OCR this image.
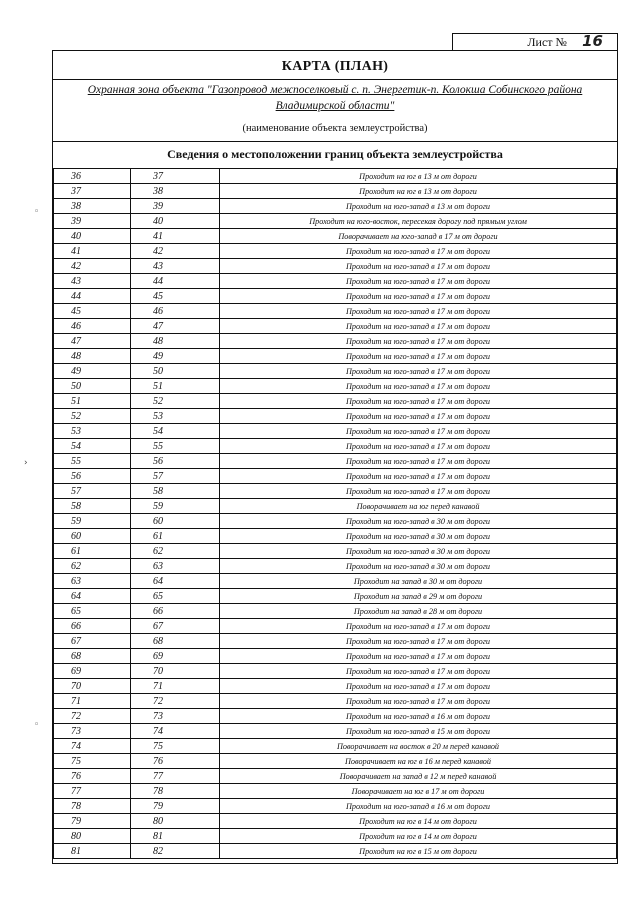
Лист № 16
КАРТА (ПЛАН)
Охранная зона объекта "Газопровод межпоселковый с. п. Энергетик-п. Колокша Собинского района Владимирской области"
(наименование объекта землеустройства)
Сведения о местоположении границ объекта землеустройства
36	37	Проходит на юг в 13 м от дороги
37	38	Проходит на юг в 13 м от дороги
38	39	Проходит на юго-запад в 13 м от дороги
39	40	Проходит на юго-восток, пересекая дорогу под прямым углом
40	41	Поворачивает на юго-запад в 17 м от дороги
41	42	Проходит на юго-запад в 17 м от дороги
42	43	Проходит на юго-запад в 17 м от дороги
43	44	Проходит на юго-запад в 17 м от дороги
44	45	Проходит на юго-запад в 17 м от дороги
45	46	Проходит на юго-запад в 17 м от дороги
46	47	Проходит на юго-запад в 17 м от дороги
47	48	Проходит на юго-запад в 17 м от дороги
48	49	Проходит на юго-запад в 17 м от дороги
49	50	Проходит на юго-запад в 17 м от дороги
50	51	Проходит на юго-запад в 17 м от дороги
51	52	Проходит на юго-запад в 17 м от дороги
52	53	Проходит на юго-запад в 17 м от дороги
53	54	Проходит на юго-запад в 17 м от дороги
54	55	Проходит на юго-запад в 17 м от дороги
55	56	Проходит на юго-запад в 17 м от дороги
56	57	Проходит на юго-запад в 17 м от дороги
57	58	Проходит на юго-запад в 17 м от дороги
58	59	Поворачивает на юг перед канавой
59	60	Проходит на юго-запад в 30 м от дороги
60	61	Проходит на юго-запад в 30 м от дороги
61	62	Проходит на юго-запад в 30 м от дороги
62	63	Проходит на юго-запад в 30 м от дороги
63	64	Проходит на запад в 30 м от дороги
64	65	Проходит на запад в 29 м от дороги
65	66	Проходит на запад в 28 м от дороги
66	67	Проходит на юго-запад в 17 м от дороги
67	68	Проходит на юго-запад в 17 м от дороги
68	69	Проходит на юго-запад в 17 м от дороги
69	70	Проходит на юго-запад в 17 м от дороги
70	71	Проходит на юго-запад в 17 м от дороги
71	72	Проходит на юго-запад в 17 м от дороги
72	73	Проходит на юго-запад в 16 м от дороги
73	74	Проходит на юго-запад в 15 м от дороги
74	75	Поворачивает на восток в 20 м перед канавой
75	76	Поворачивает на юг в 16 м перед канавой
76	77	Поворачивает на запад в 12 м перед канавой
77	78	Поворачивает на юг в 17 м от дороги
78	79	Проходит на юго-запад в 16 м от дороги
79	80	Проходит на юг в 14 м от дороги
80	81	Проходит на юг в 14 м от дороги
81	82	Проходит на юг в 15 м от дороги
◦
›
◦
